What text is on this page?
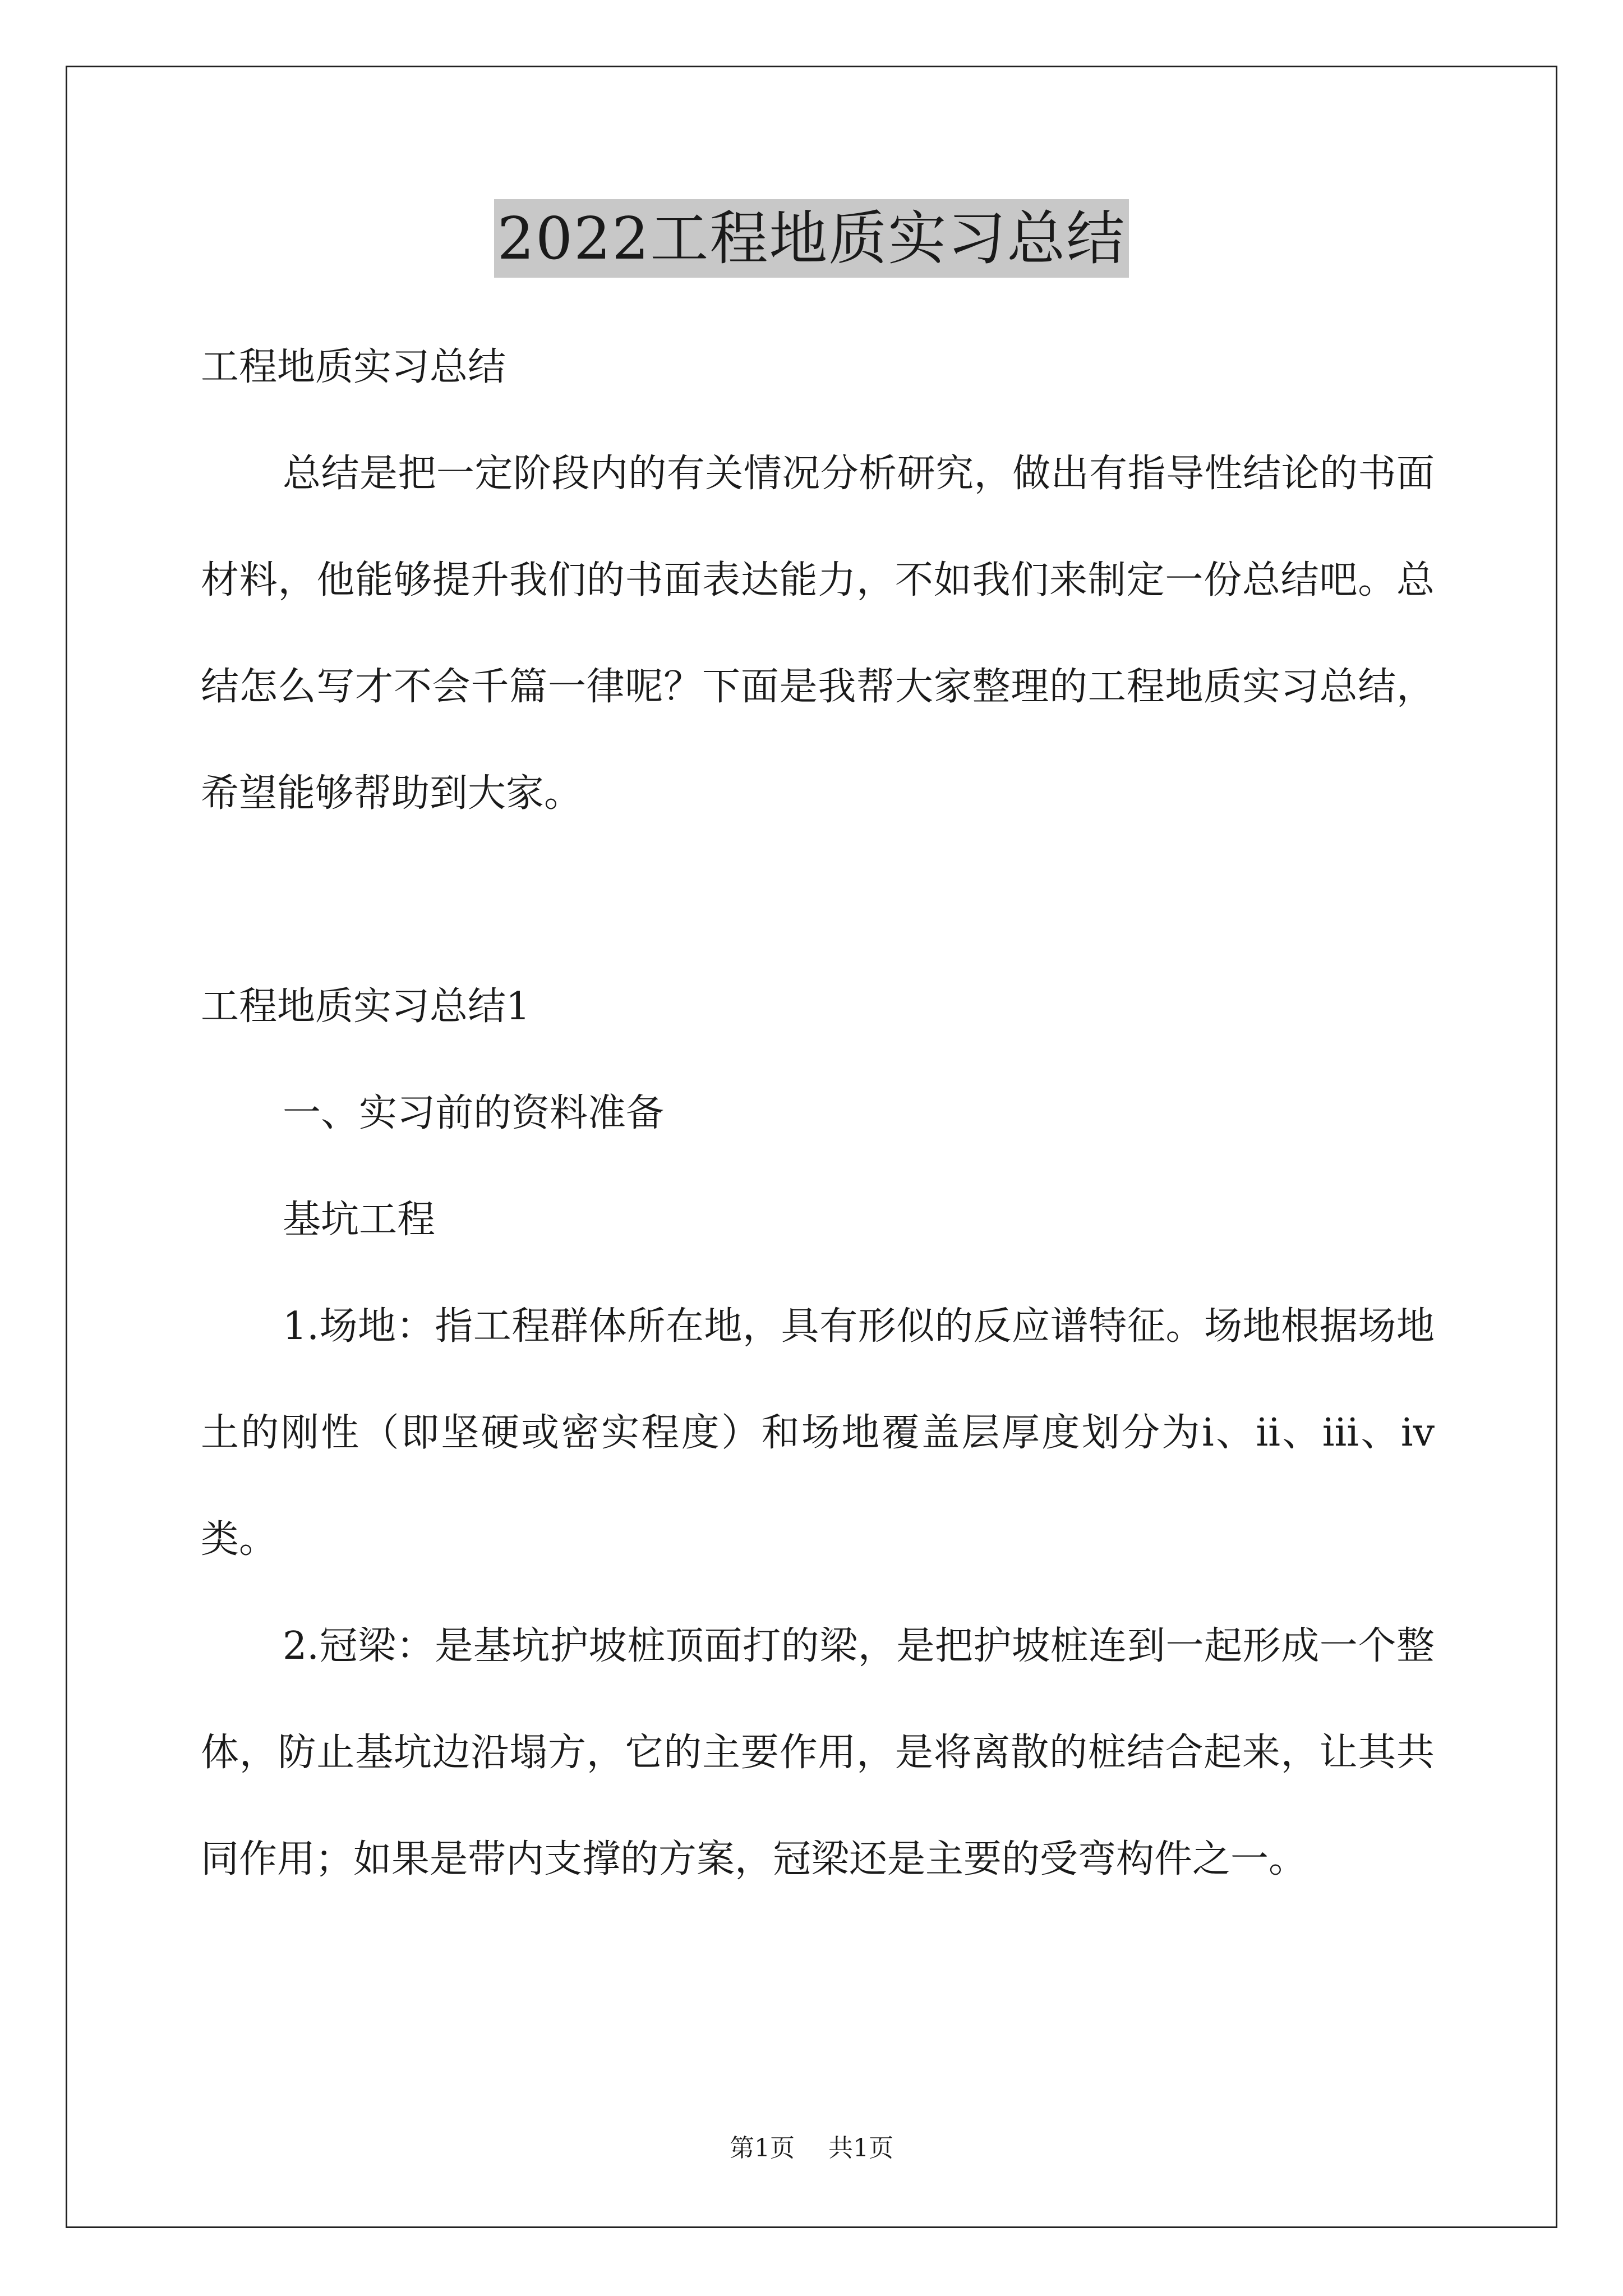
2022工程地质实习总结

工程地质实习总结

总结是把一定阶段内的有关情况分析研究，做出有指导性结论的书面材料，他能够提升我们的书面表达能力，不如我们来制定一份总结吧。总结怎么写才不会千篇一律呢？下面是我帮大家整理的工程地质实习总结，希望能够帮助到大家。

工程地质实习总结1

一、实习前的资料准备

基坑工程

1.场地：指工程群体所在地，具有形似的反应谱特征。场地根据场地土的刚性（即坚硬或密实程度）和场地覆盖层厚度划分为i、ii、iii、iv类。

2.冠梁：是基坑护坡桩顶面打的梁，是把护坡桩连到一起形成一个整体，防止基坑边沿塌方，它的主要作用，是将离散的桩结合起来，让其共同作用；如果是带内支撑的方案，冠梁还是主要的受弯构件之一。

第1页 共1页
